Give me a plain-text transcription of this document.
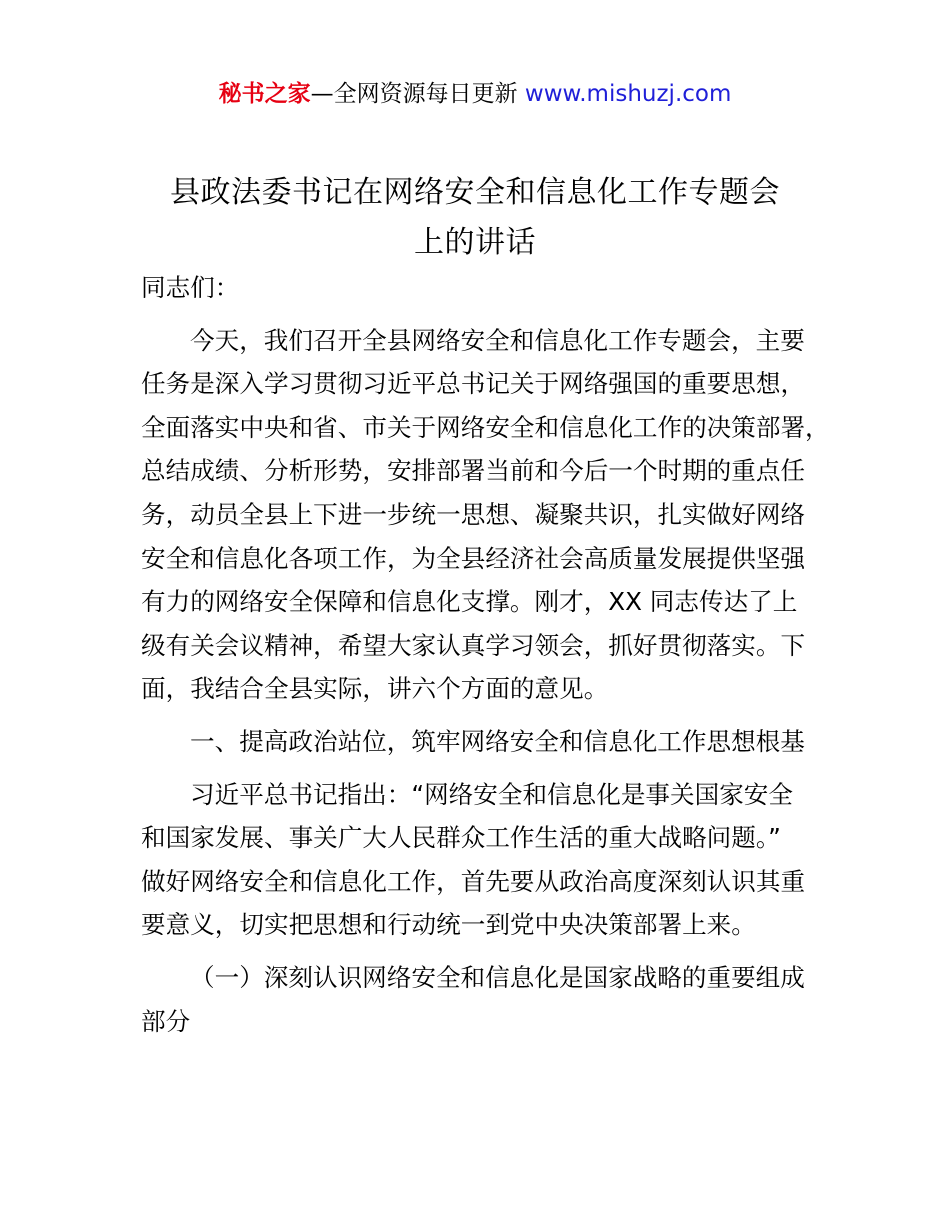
秘书之家—全网资源每日更新 www.mishuzj.com
县政法委书记在网络安全和信息化工作专题会
上的讲话
同志们：
今天，我们召开全县网络安全和信息化工作专题会，主要
任务是深入学习贯彻习近平总书记关于网络强国的重要思想，
全面落实中央和省、市关于网络安全和信息化工作的决策部署，
总结成绩、分析形势，安排部署当前和今后一个时期的重点任
务，动员全县上下进一步统一思想、凝聚共识，扎实做好网络
安全和信息化各项工作，为全县经济社会高质量发展提供坚强
有力的网络安全保障和信息化支撑。刚才，XX 同志传达了上
级有关会议精神，希望大家认真学习领会，抓好贯彻落实。下
面，我结合全县实际，讲六个方面的意见。
一、提高政治站位，筑牢网络安全和信息化工作思想根基
习近平总书记指出：“网络安全和信息化是事关国家安全
和国家发展、事关广大人民群众工作生活的重大战略问题。”
做好网络安全和信息化工作，首先要从政治高度深刻认识其重
要意义，切实把思想和行动统一到党中央决策部署上来。
（一）深刻认识网络安全和信息化是国家战略的重要组成
部分
